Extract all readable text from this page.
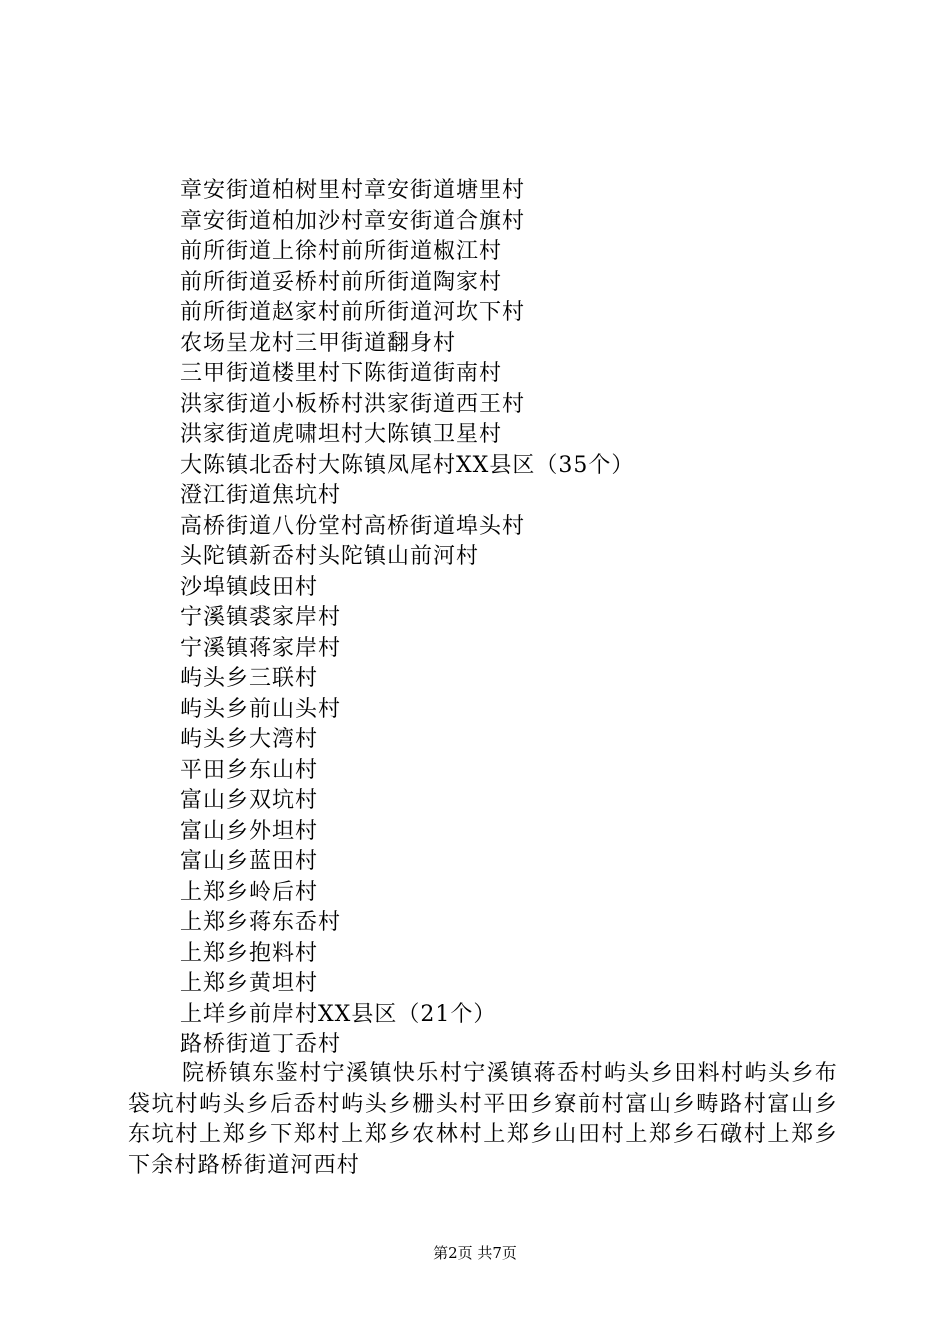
章安街道柏树里村章安街道塘里村
章安街道柏加沙村章安街道合旗村
前所街道上徐村前所街道椒江村
前所街道妥桥村前所街道陶家村
前所街道赵家村前所街道河坎下村
农场呈龙村三甲街道翻身村
三甲街道楼里村下陈街道街南村
洪家街道小板桥村洪家街道西王村
洪家街道虎啸坦村大陈镇卫星村
大陈镇北岙村大陈镇凤尾村XX县区（35个）
澄江街道焦坑村
高桥街道八份堂村高桥街道埠头村
头陀镇新岙村头陀镇山前河村
沙埠镇歧田村
宁溪镇裘家岸村
宁溪镇蒋家岸村
屿头乡三联村
屿头乡前山头村
屿头乡大湾村
平田乡东山村
富山乡双坑村
富山乡外坦村
富山乡蓝田村
上郑乡岭后村
上郑乡蒋东岙村
上郑乡抱料村
上郑乡黄坦村
上垟乡前岸村XX县区（21个）
路桥街道丁岙村

院桥镇东鉴村宁溪镇快乐村宁溪镇蒋岙村屿头乡田料村屿头乡布袋坑村屿头乡后岙村屿头乡栅头村平田乡寮前村富山乡畴路村富山乡东坑村上郑乡下郑村上郑乡农林村上郑乡山田村上郑乡石礅村上郑乡下余村路桥街道河西村

第2页 共7页
